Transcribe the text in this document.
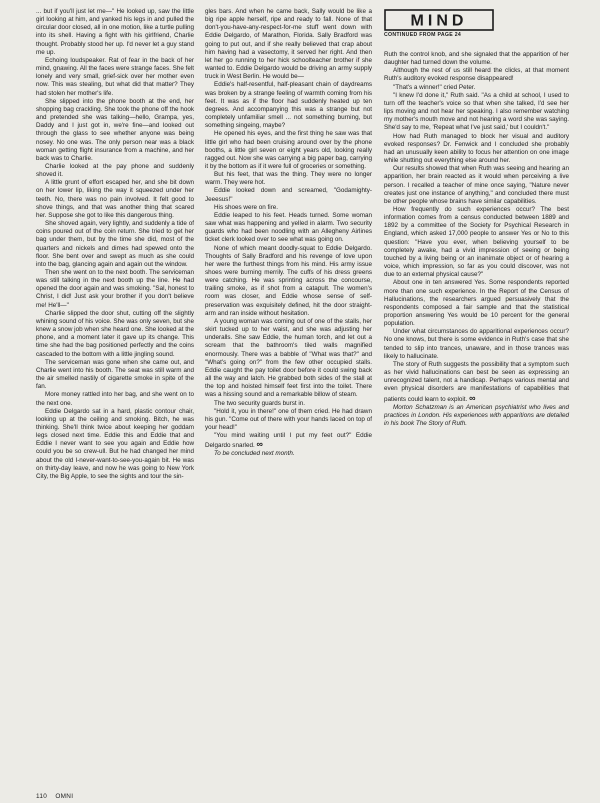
... but if you'll just let me—" He looked up, saw the little girl looking at him, and yanked his legs in and pulled the circular door closed, all in one motion, like a turtle pulling into its shell. Having a fight with his girlfriend, Charlie thought. Probably stood her up. I'd never let a guy stand me up.

Echoing loudspeaker. Rat of fear in the back of her mind, gnawing. All the faces were strange faces. She felt lonely and very small, grief-sick over her mother even now. This was stealing, but what did that matter? They had stolen her mother's life.

She slipped into the phone booth at the end, her shopping bag crackling. She took the phone off the hook and pretended she was talking—hello, Grampa, yes, Daddy and I just got in, we're fine—and looked out through the glass to see whether anyone was being nosey. No one was. The only person near was a black woman getting flight insurance from a machine, and her back was to Charlie.

Charlie looked at the pay phone and suddenly shoved it.

A little grunt of effort escaped her, and she bit down on her lower lip, liking the way it squeezed under her teeth. No, there was no pain involved. It felt good to shove things, and that was another thing that scared her. Suppose she got to like this dangerous thing.

She shoved again, very lightly, and suddenly a tide of coins poured out of the coin return. She tried to get her bag under them, but by the time she did, most of the quarters and nickels and dimes had spewed onto the floor. She bent over and swept as much as she could into the bag, glancing again and again out the window.

Then she went on to the next booth. The serviceman was still talking in the next booth up the line. He had opened the door again and was smoking. "Sal, honest to Christ, I did! Just ask your brother if you don't believe me! He'll—"

Charlie slipped the door shut, cutting off the slightly whining sound of his voice. She was only seven, but she knew a snow job when she heard one. She looked at the phone, and a moment later it gave up its change. This time she had the bag positioned perfectly and the coins cascaded to the bottom with a little jingling sound.

The serviceman was gone when she came out, and Charlie went into his booth. The seat was still warm and the air smelled nastily of cigarette smoke in spite of the fan.

More money rattled into her bag, and she went on to the next one.

Eddie Delgardo sat in a hard, plastic contour chair, looking up at the ceiling and smoking. Bitch, he was thinking. She'll think twice about keeping her goddam legs closed next time. Eddie this and Eddie that and Eddie I never want to see you again and Eddie how could you be so crew-ull. But he had changed her mind about the old I-never-want-to-see-you-again bit. He was on thirty-day leave, and now he was going to New York City, the Big Apple, to see the sights and tour the sin-

gles bars. And when he came back, Sally would be like a big ripe apple herself, ripe and ready to fall. None of that don't-you-have-any-respect-for-me stuff went down with Eddie Delgardo, of Marathon, Florida. Sally Bradford was going to put out, and if she really believed that crap about him having had a vasectomy, it served her right. And then let her go running to her hick schoolteacher brother if she wanted to. Eddie Delgardo would be driving an army supply truck in West Berlin. He would be—

Eddie's half-resentful, half-pleasant chain of daydreams was broken by a strange feeling of warmth coming from his feet. It was as if the floor had suddenly heated up ten degrees. And accompanying this was a strange but not completely unfamiliar smell ... not something burning, but something singeing, maybe?

He opened his eyes, and the first thing he saw was that little girl who had been cruising around over by the phone booths, a little girl seven or eight years old, looking really ragged out. Now she was carrying a big paper bag, carrying it by the bottom as if it were full of groceries or something.

But his feet, that was the thing. They were no longer warm. They were hot.

Eddie looked down and screamed, "Godamighty-Jeeesus!"

His shoes were on fire.

Eddie leaped to his feet. Heads turned. Some woman saw what was happening and yelled in alarm. Two security guards who had been noodling with an Allegheny Airlines ticket clerk looked over to see what was going on.

None of which meant doodly-squat to Eddie Delgardo. Thoughts of Sally Bradford and his revenge of love upon her were the furthest things from his mind. His army issue shoes were burning merrily. The cuffs of his dress greens were catching. He was sprinting across the concourse, trailing smoke, as if shot from a catapult. The women's room was closer, and Eddie whose sense of self-preservation was exquisitely defined, hit the door straight-arm and ran inside without hesitation.

A young woman was coming out of one of the stalls, her skirt tucked up to her waist, and she was adjusting her underalls. She saw Eddie, the human torch, and let out a scream that the bathroom's tiled walls magnified enormously. There was a babble of "What was that?" and "What's going on?" from the few other occupied stalls. Eddie caught the pay toilet door before it could swing back all the way and latch. He grabbed both sides of the stall at the top and hoisted himself feet first into the toilet. There was a hissing sound and a remarkable billow of steam.

The two security guards burst in.

"Hold it, you in there!" one of them cried. He had drawn his gun. "Come out of there with your hands laced on top of your head!"

"You mind waiting until I put my feet out?" Eddie Delgardo snarled. ∞

To be concluded next month.

MIND
CONTINUED FROM PAGE 24

Ruth the control knob, and she signaled that the apparition of her daughter had turned down the volume.

Although the rest of us still heard the clicks, at that moment Ruth's auditory evoked response disappeared!

"That's a winner!" cried Peter.

"I knew I'd done it," Ruth said. "As a child at school, I used to turn off the teacher's voice so that when she talked, I'd see her lips moving and not hear her speaking. I also remember watching my mother's mouth move and not hearing a word she was saying. She'd say to me, 'Repeat what I've just said,' but I couldn't."

How had Ruth managed to block her visual and auditory evoked responses? Dr. Fenwick and I concluded she probably had an unusually keen ability to focus her attention on one image while shutting out everything else around her.

Our results showed that when Ruth was seeing and hearing an apparition, her brain reacted as it would when perceiving a live person. I recalled a teacher of mine once saying, "Nature never creates just one instance of anything," and concluded there must be other people whose brains have similar capabilities.

How frequently do such experiences occur? The best information comes from a census conducted between 1889 and 1892 by a committee of the Society for Psychical Research in England, which asked 17,000 people to answer Yes or No to this question: "Have you ever, when believing yourself to be completely awake, had a vivid impression of seeing or being touched by a living being or an inanimate object or of hearing a voice, which impression, so far as you could discover, was not due to an external physical cause?"

About one in ten answered Yes. Some respondents reported more than one such experience. In the Report of the Census of Hallucinations, the researchers argued persuasively that the respondents composed a fair sample and that the statistical proportion answering Yes would be 10 percent for the general population.

Under what circumstances do apparitional experiences occur? No one knows, but there is some evidence in Ruth's case that she tended to slip into trances, unaware, and in those trances was likely to hallucinate.

The story of Ruth suggests the possibility that a symptom such as her vivid hallucinations can best be seen as expressing an unrecognized talent, not a handicap. Perhaps various mental and even physical disorders are manifestations of capabilities that patients could learn to exploit. ∞

Morton Schatzman is an American psychiatrist who lives and practices in London. His experiences with apparitions are detailed in his book The Story of Ruth.

110 OMNI
